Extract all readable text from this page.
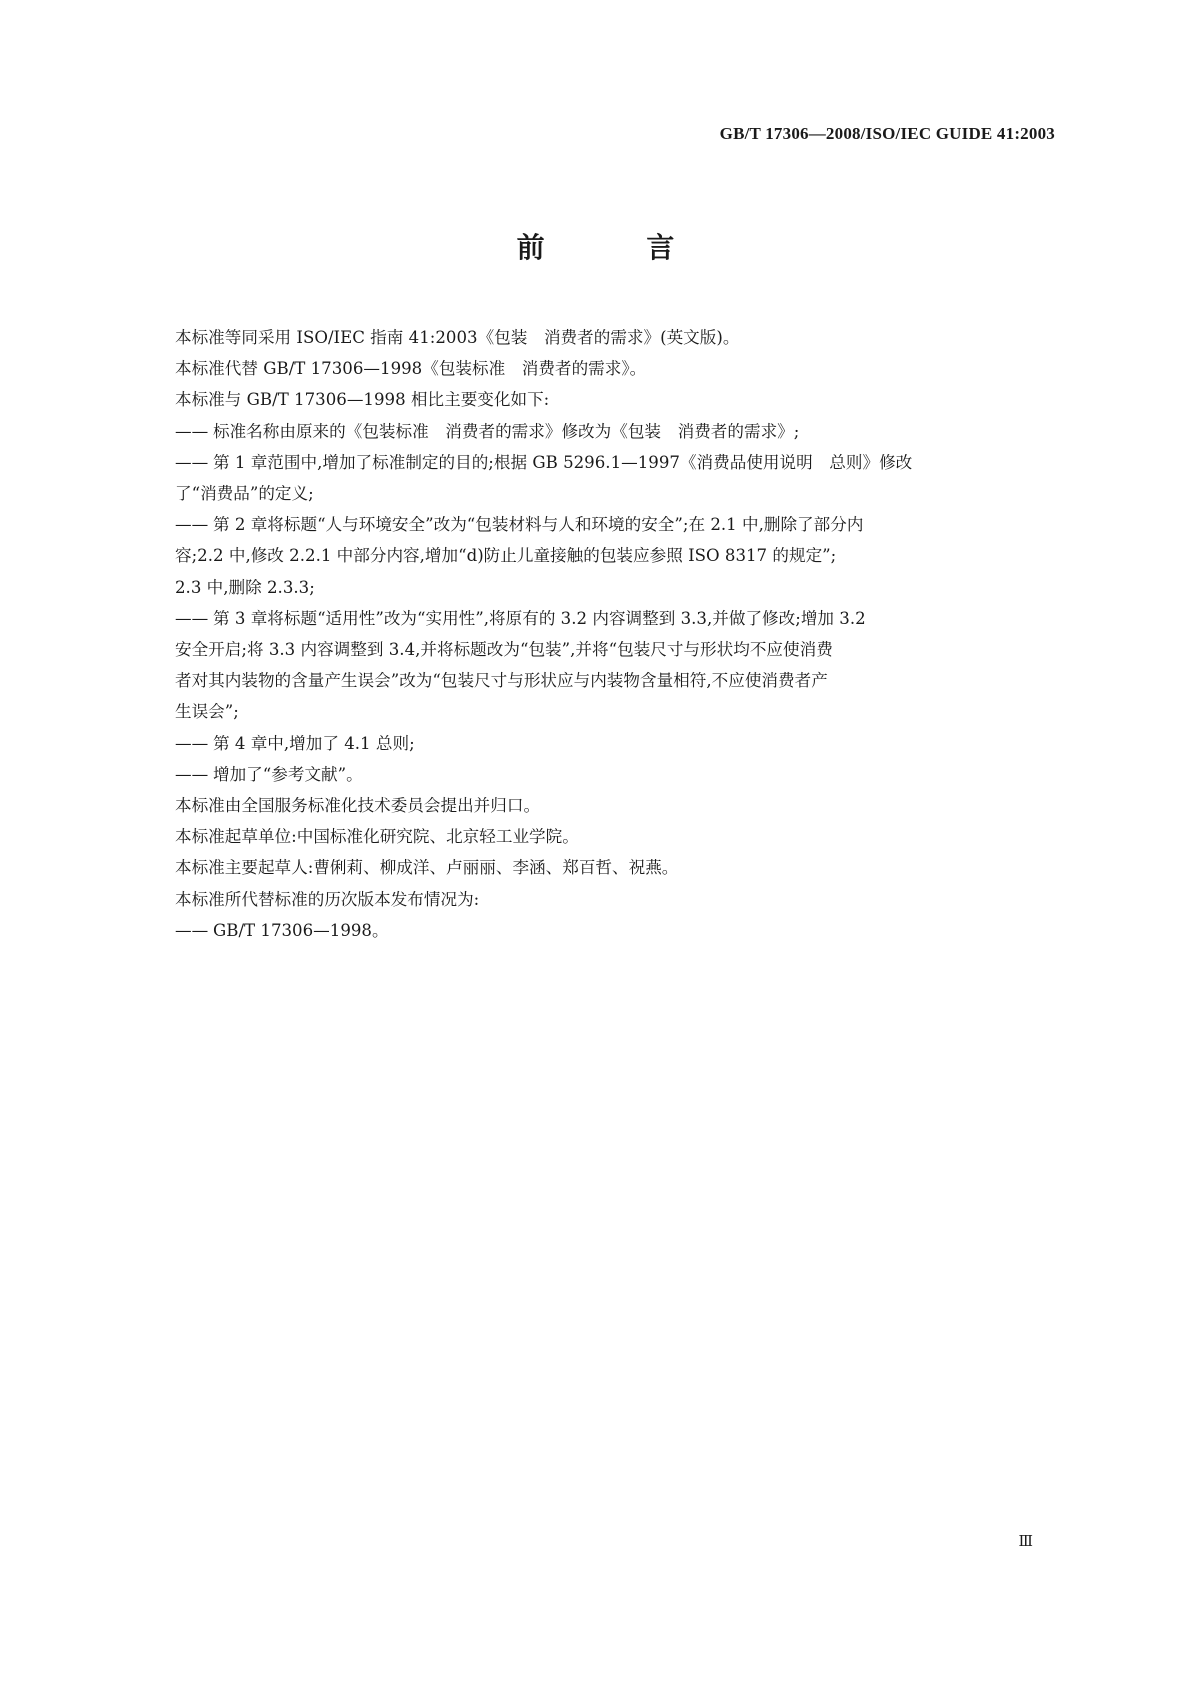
GB/T 17306—2008/ISO/IEC GUIDE 41:2003
前 言

本标准等同采用 ISO/IEC 指南 41:2003《包装　消费者的需求》(英文版)。

本标准代替 GB/T 17306—1998《包装标准　消费者的需求》。

本标准与 GB/T 17306—1998 相比主要变化如下:

—— 标准名称由原来的《包装标准　消费者的需求》修改为《包装　消费者的需求》;
—— 第 1 章范围中,增加了标准制定的目的;根据 GB 5296.1—1997《消费品使用说明　总则》修改
了“消费品”的定义;
—— 第 2 章将标题“人与环境安全”改为“包装材料与人和环境的安全”;在 2.1 中,删除了部分内
容;2.2 中,修改 2.2.1 中部分内容,增加“d)防止儿童接触的包装应参照 ISO 8317 的规定”;
2.3 中,删除 2.3.3;
—— 第 3 章将标题“适用性”改为“实用性”,将原有的 3.2 内容调整到 3.3,并做了修改;增加 3.2
安全开启;将 3.3 内容调整到 3.4,并将标题改为“包装”,并将“包装尺寸与形状均不应使消费
者对其内装物的含量产生误会”改为“包装尺寸与形状应与内装物含量相符,不应使消费者产
生误会”;
—— 第 4 章中,增加了 4.1 总则;
—— 增加了“参考文献”。

本标准由全国服务标准化技术委员会提出并归口。

本标准起草单位:中国标准化研究院、北京轻工业学院。

本标准主要起草人:曹俐莉、柳成洋、卢丽丽、李涵、郑百哲、祝燕。

本标准所代替标准的历次版本发布情况为:

—— GB/T 17306—1998。
Ⅲ
